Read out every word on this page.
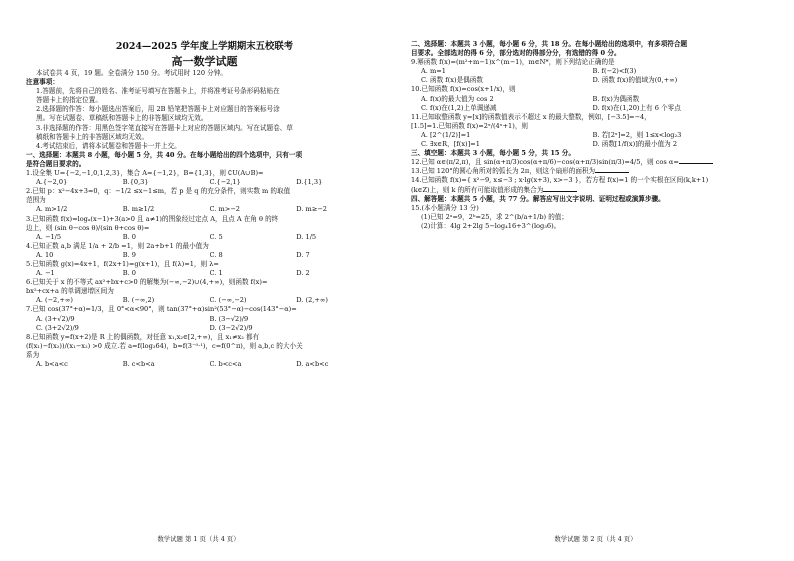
2024—2025 学年度上学期期末五校联考
高一数学试题
本试卷共 4 页，19 题。全卷满分 150 分。考试用时 120 分钟。
注意事项：
1.答题前，先将自己的姓名、准考证号填写在答题卡上，并将准考证号条形码粘贴在
答题卡上的指定位置。
2.选择题的作答：每小题选出答案后，用 2B 铅笔把答题卡上对应题目的答案标号涂
黑。写在试题卷、草稿纸和答题卡上的非答题区域均无效。
3.非选择题的作答：用黑色签字笔直接写在答题卡上对应的答题区域内。写在试题卷、草
稿纸和答题卡上的非答题区域均无效。
4.考试结束后，请将本试题卷和答题卡一并上交。
一、选择题：本题共 8 小题，每小题 5 分，共 40 分。在每小题给出的四个选项中，只有一项
是符合题目要求的。
1.设全集 U={−2,−1,0,1,2,3}，集合 A={−1,2}，B={1,3}，则 ∁U(A∪B)=
A.{−2,0}	B.{0,3}	C.{−2,1}	D.{1,3}
2.已知 p：x²−4x+3=0，q：−1/2 ≤x−1≤m，若 p 是 q 的充分条件，则实数 m 的取值
范围为
A. m>1/2	B. m≥1/2	C. m>−2	D. m≥−2
3.已知函数 f(x)=logₐ(x−1)+3(a>0 且 a≠1)的图象经过定点 A，且点 A 在角 θ 的终
边上，则 (sin θ−cos θ)/(sin θ+cos θ)=
A. −1/5	B. 0	C. 5	D. 1/5
4.已知正数 a,b 满足 1/a + 2/b =1，则 2a+b+1 的最小值为
A. 10	B. 9	C. 8	D. 7
5.已知函数 g(x)=4x+1，f(2x+1)=g(x+1)，且 f(λ)=1，则 λ=
A. −1	B. 0	C. 1	D. 2
6.已知关于 x 的不等式 ax²+bx+c>0 的解集为(−∞,−2)∪(4,+∞)，则函数 f(x)=
bx²+cx+a 的单调递增区间为
A. (−2,+∞)	B. (−∞,2)	C. (−∞,−2)	D. (2,+∞)
7.已知 cos(37°+α)=1/3，且 0°<α<90°，则 tan(37°+α)sin²(53°−α)−cos(143°−α)=
A. (3+√2)/9	B. (3−√2)/9
C. (3+2√2)/9	D. (3−2√2)/9
8.已知函数 y=f(x+2)是 R 上的偶函数，对任意 x₁,x₂∈[2,+∞)，且 x₁≠x₂ 都有
(f(x₁)−f(x₂))/(x₁−x₂) >0 成立.若 a=f(log₃64)，b=f(3⁻⁰·¹)，c=f(0^π)，则 a,b,c 的大小关
系为
A. b<a<c	B. c<b<a	C. b<c<a	D. a<b<c
数学试题 第 1 页（共 4 页）
二、选择题：本题共 3 小题，每小题 6 分，共 18 分。在每小题给出的选项中，有多项符合题
目要求。全部选对的得 6 分，部分选对的得部分分，有选错的得 0 分。
9.幂函数 f(x)=(m²+m−1)x^(m−1)，m∈N*，则下列结论正确的是
A. m=1	B. f(−2)<f(3)
C. 函数 f(x)是偶函数	D. 函数 f(x)的值域为(0,+∞)
10.已知函数 f(x)=cos(x+1/x)，则
A. f(x)的最大值为 cos 2	B. f(x)为偶函数
C. f(x)在(1,2)上单调递减	D. f(x)在(1,20)上有 6 个零点
11.已知取整函数 y=[x]的函数值表示不超过 x 的最大整数，例如，[−3.5]=−4，
[1.5]=1.已知函数 f(x)=2ˣ/(4ˣ+1)，则
A. [2^(1/2)]=1	B. 若[2ˣ]=2，则 1≤x<log₂3
C. ∃x∈R，[f(x)]=1	D. 函数[1/f(x)]的最小值为 2
三、填空题：本题共 3 小题，每小题 5 分，共 15 分。
12.已知 α∈(π/2,π)，且 sin(α+π/3)cos(α+π/6)−cos(α+π/3)sin(π/3)=4/5，则 cos α=
13.已知 120°的圆心角所对的弧长为 2π，则这个扇形的面积为
14.已知函数 f(x)={ x²−9, x≤−3 ; x·lg(x+3), x>−3 }，若方程 f(x)=1 的一个实根在区间(k,k+1)
(k∈Z)上，则 k 的所有可能取值形成的集合为
四、解答题：本题共 5 小题，共 77 分。解答应写出文字说明、证明过程或演算步骤。
15.(本小题满分 13 分)
(1)已知 2ᵃ=9，2ᵇ=25，求 2^(b/a+1/b) 的值；
(2)计算：4lg 2+2lg 5−log₄16+3^(log₃6)。
数学试题 第 2 页（共 4 页）
